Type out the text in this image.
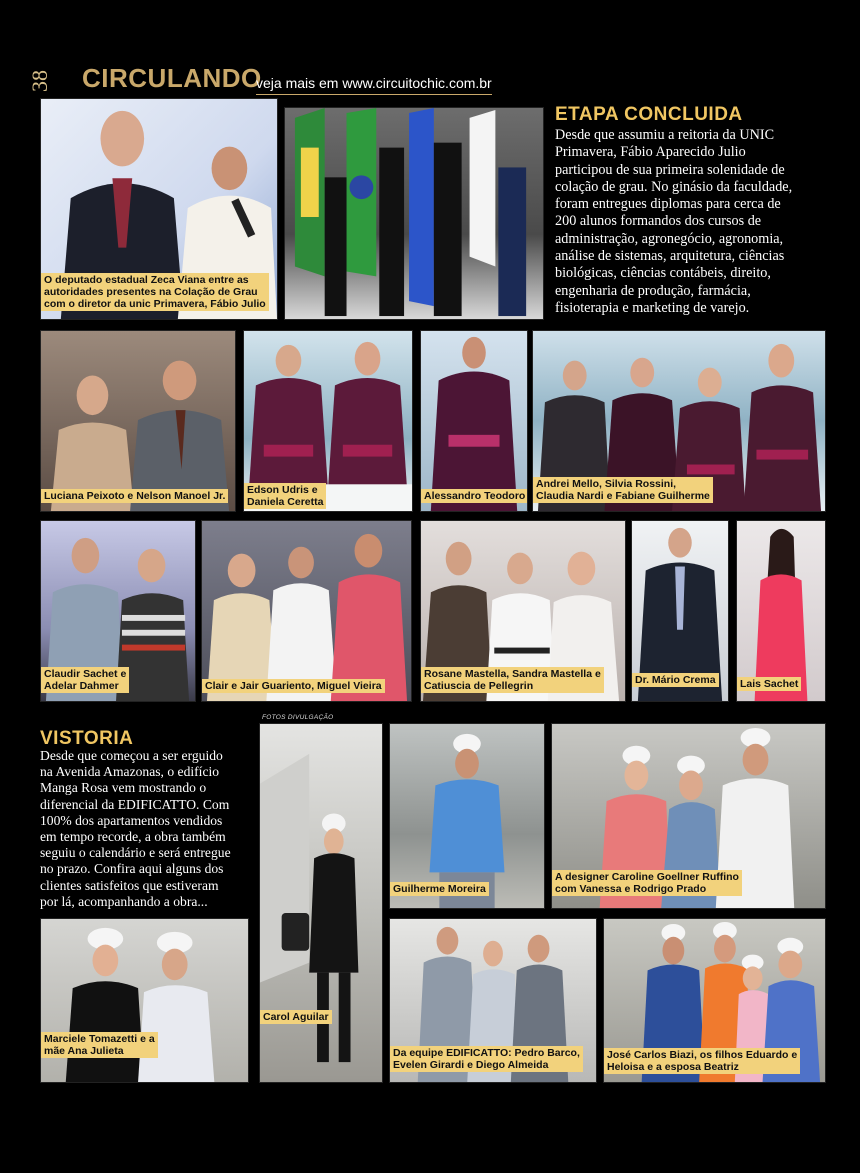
38 CIRCULANDO
veja mais em www.circuitochic.com.br
ETAPA CONCLUIDA
Desde que assumiu a reitoria da UNIC
Primavera, Fábio Aparecido Julio
participou de sua primeira solenidade de
colação de grau. No ginásio da faculdade,
foram entregues diplomas para cerca de
200 alunos formandos dos cursos de
administração, agronegócio, agronomia,
análise de sistemas, arquitetura, ciências
biológicas, ciências contábeis, direito,
engenharia de produção, farmácia,
fisioterapia e marketing de varejo.
O deputado estadual Zeca Viana entre as
autoridades presentes na Colação de Grau
com o diretor da unic Primavera, Fábio Julio
Luciana Peixoto e Nelson Manoel Jr. Edson Udris e
Daniela Ceretta	Alessandro Teodoro
Andrei Mello, Silvia Rossini,
Claudia Nardi e Fabiane Guilherme
Claudir Sachet e
Adelar Dahmer	Clair e Jair Guariento, Miguel Vieira
Rosane Mastella, Sandra Mastella e
Catiuscia de Pellegrin	Dr. Mário Crema Lais Sachet
VISTORIA
Desde que começou a ser erguido
na Avenida Amazonas, o edifício
Manga Rosa vem mostrando o
diferencial da EDIFICATTO. Com
100% dos apartamentos vendidos
em tempo recorde, a obra também
seguiu o calendário e será entregue
no prazo. Confira aqui alguns dos
clientes satisfeitos que estiveram
por lá, acompanhando a obra...
FOTOS DIVULGAÇÃO
Carol Aguilar
Guilherme Moreira
A designer Caroline Goellner Ruffino
com Vanessa e Rodrigo Prado
Marciele Tomazetti e a
mãe Ana Julieta	Da equipe EDIFICATTO: Pedro Barco,
Evelen Girardi e Diego Almeida
José Carlos Biazi, os filhos Eduardo e
Heloisa e a esposa Beatriz
